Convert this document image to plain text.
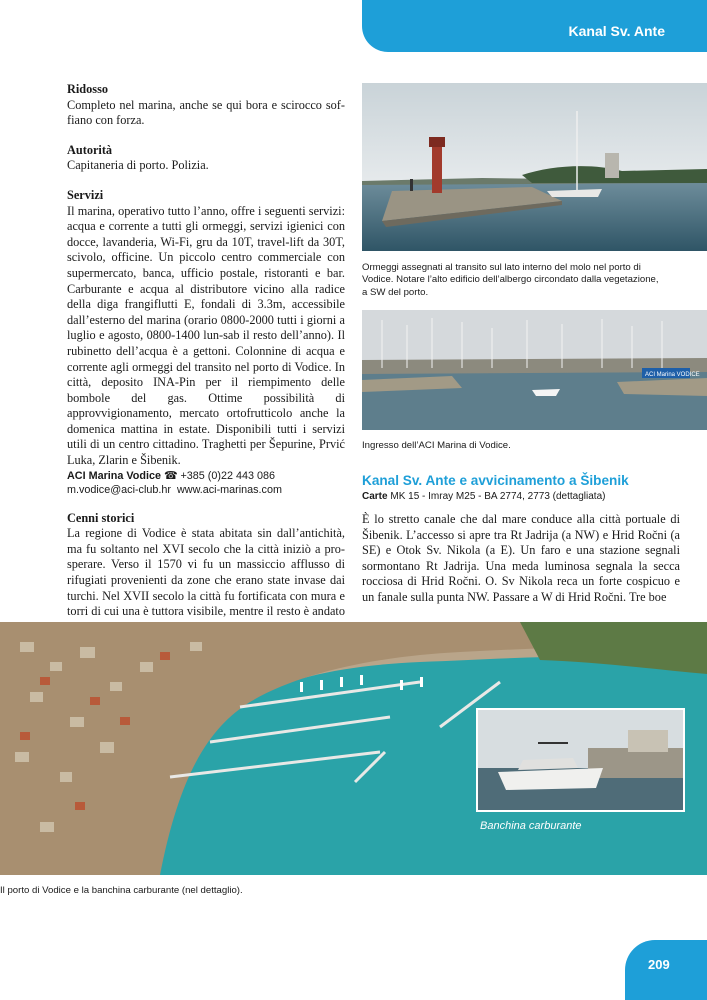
Kanal Sv. Ante
Ridosso

Completo nel marina, anche se qui bora e scirocco soffiano con forza.

Autorità

Capitaneria di porto. Polizia.

Servizi

Il marina, operativo tutto l’anno, offre i seguenti servizi: acqua e corrente a tutti gli ormeggi, servizi igienici con docce, lavanderia, Wi-Fi, gru da 10T, travel-lift da 30T, scivolo, officine. Un piccolo centro commerciale con supermercato, banca, ufficio postale, ristoranti e bar. Carburante e acqua al distributore vicino alla radice della diga frangiflutti E, fondali di 3.3m, accessibile dall’esterno del marina (orario 0800-2000 tutti i giorni a luglio e agosto, 0800-1400 lun-sab il resto dell’anno). Il rubinetto dell’acqua è a gettoni. Colonnine di acqua e corrente agli ormeggi del transito nel porto di Vodice. In città, deposito INA-Pin per il riempimento delle bombole del gas. Ottime possibilità di approvvigionamento, mercato ortofrutticolo anche la domenica mattina in estate. Disponibili tutti i servizi utili di un centro cittadino. Traghetti per Šepurine, Prvić Luka, Zlarin e Šibenik.

ACI Marina Vodice ☎ +385 (0)22 443 086
m.vodice@aci-club.hr www.aci-marinas.com
Cenni storici

La regione di Vodice è stata abitata sin dall’antichità, ma fu soltanto nel XVI secolo che la città iniziò a prosperare. Verso il 1570 vi fu un massiccio afflusso di rifugiati provenienti da zone che erano state invase dai turchi. Nel XVII secolo la città fu fortificata con mura e torri di cui una è tuttora visibile, mentre il resto è andato

Ormeggi assegnati al transito sul lato interno del molo nel porto di Vodice. Notare l’alto edificio dell’albergo circondato dalla vegetazione, a SW del porto.
ACI Marina VODICE
Ingresso dell’ACI Marina di Vodice.
Kanal Sv. Ante e avvicinamento a Šibenik
Carte MK 15 - Imray M25 - BA 2774, 2773 (dettagliata)
È lo stretto canale che dal mare conduce alla città portuale di Šibenik. L’accesso si apre tra Rt Jadrija (a NW) e Hrid Ročni (a SE) e Otok Sv. Nikola (a E). Un faro e una stazione segnali sormontano Rt Jadrija. Una meda luminosa segnala la secca rocciosa di Hrid Ročni. O. Sv Nikola reca un forte cospicuo e un fanale sulla punta NW. Passare a W di Hrid Ročni. Tre boe
Banchina carburante
Il porto di Vodice e la banchina carburante (nel dettaglio).
209
